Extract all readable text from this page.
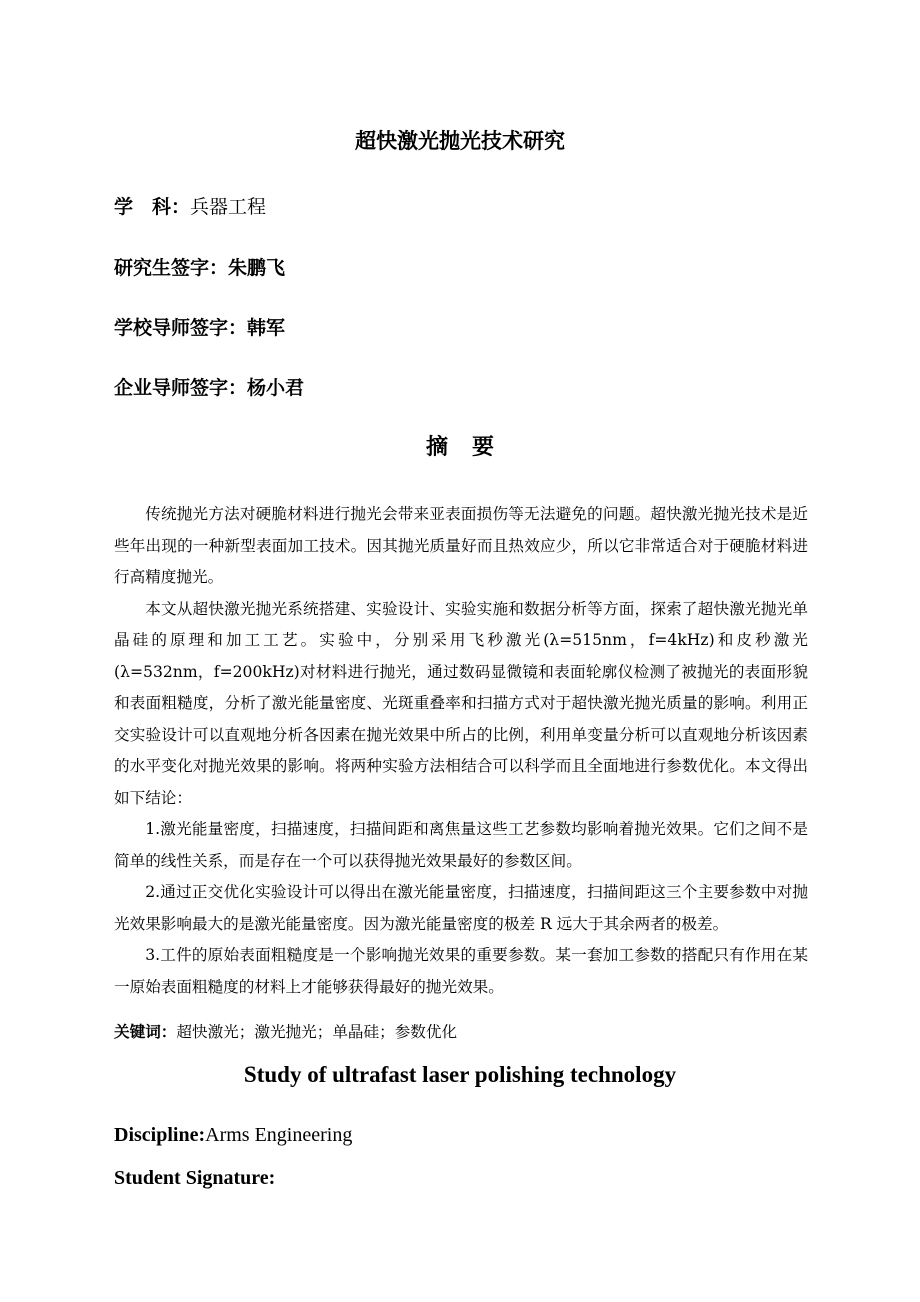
超快激光抛光技术研究
学　科：兵器工程
研究生签字：朱鹏飞
学校导师签字：韩军
企业导师签字：杨小君
摘要

传统抛光方法对硬脆材料进行抛光会带来亚表面损伤等无法避免的问题。超快激光抛光技术是近些年出现的一种新型表面加工技术。因其抛光质量好而且热效应少，所以它非常适合对于硬脆材料进行高精度抛光。

本文从超快激光抛光系统搭建、实验设计、实验实施和数据分析等方面，探索了超快激光抛光单晶硅的原理和加工工艺。实验中，分别采用飞秒激光(λ=515nm，f=4kHz)和皮秒激光(λ=532nm，f=200kHz)对材料进行抛光，通过数码显微镜和表面轮廓仪检测了被抛光的表面形貌和表面粗糙度，分析了激光能量密度、光斑重叠率和扫描方式对于超快激光抛光质量的影响。利用正交实验设计可以直观地分析各因素在抛光效果中所占的比例，利用单变量分析可以直观地分析该因素的水平变化对抛光效果的影响。将两种实验方法相结合可以科学而且全面地进行参数优化。本文得出如下结论：

1.激光能量密度，扫描速度，扫描间距和离焦量这些工艺参数均影响着抛光效果。它们之间不是简单的线性关系，而是存在一个可以获得抛光效果最好的参数区间。

2.通过正交优化实验设计可以得出在激光能量密度，扫描速度，扫描间距这三个主要参数中对抛光效果影响最大的是激光能量密度。因为激光能量密度的极差 R 远大于其余两者的极差。

3.工件的原始表面粗糙度是一个影响抛光效果的重要参数。某一套加工参数的搭配只有作用在某一原始表面粗糙度的材料上才能够获得最好的抛光效果。

关键词：超快激光；激光抛光；单晶硅；参数优化
Study of ultrafast laser polishing technology
Discipline:Arms Engineering
Student Signature:
